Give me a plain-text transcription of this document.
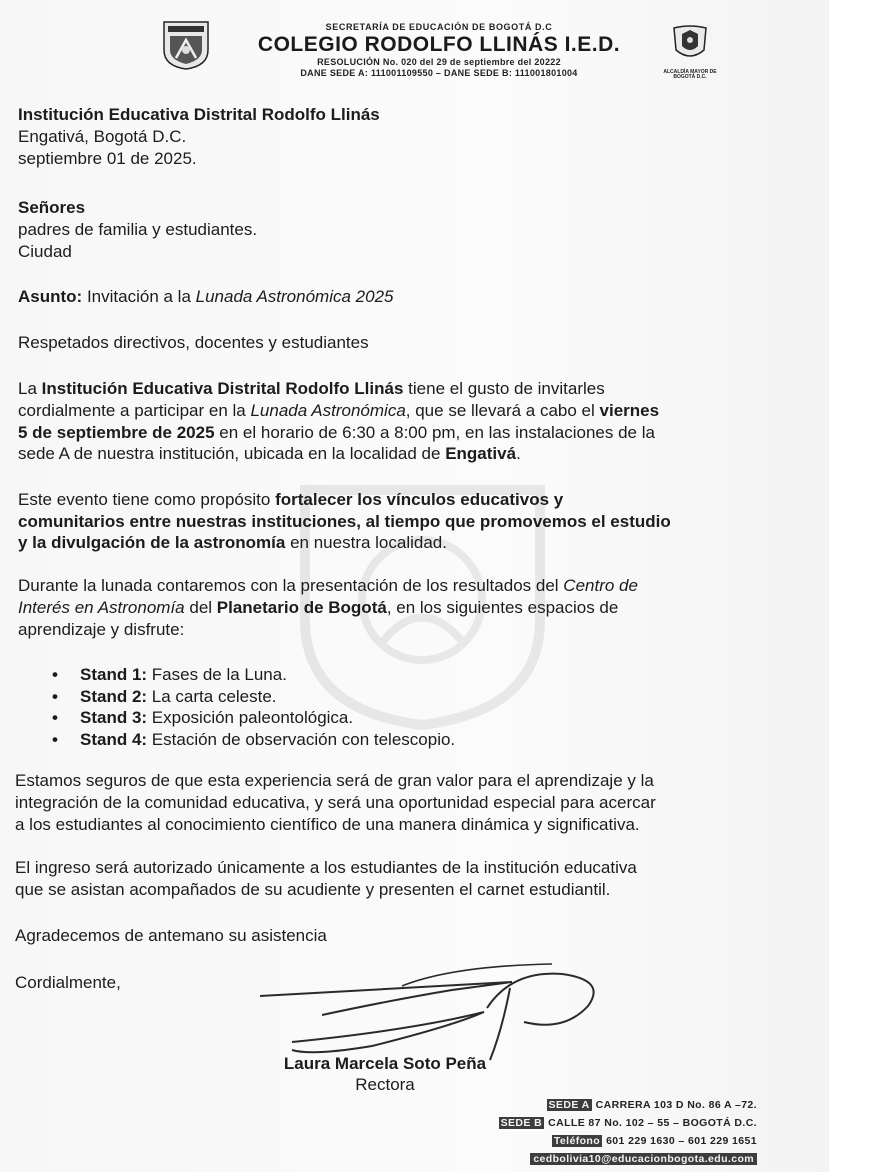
SECRETARÍA DE EDUCACIÓN DE BOGOTÁ D.C
COLEGIO RODOLFO LLINÁS I.E.D.
RESOLUCIÓN No. 020 del 29 de septiembre del 20222
DANE SEDE A: 111001109550 – DANE SEDE B: 111001801004	ALCALDÍA MAYOR DE BOGOTÁ D.C.
Institución Educativa Distrital Rodolfo Llinás
Engativá, Bogotá D.C.
septiembre 01 de 2025.
Señores
padres de familia y estudiantes.
Ciudad
Asunto: Invitación a la Lunada Astronómica 2025
Respetados directivos, docentes y estudiantes
La Institución Educativa Distrital Rodolfo Llinás tiene el gusto de invitarles
cordialmente a participar en la Lunada Astronómica, que se llevará a cabo el viernes
5 de septiembre de 2025 en el horario de 6:30 a 8:00 pm, en las instalaciones de la
sede A de nuestra institución, ubicada en la localidad de Engativá.
Este evento tiene como propósito fortalecer los vínculos educativos y
comunitarios entre nuestras instituciones, al tiempo que promovemos el estudio
y la divulgación de la astronomía en nuestra localidad.
Durante la lunada contaremos con la presentación de los resultados del Centro de
Interés en Astronomía del Planetario de Bogotá, en los siguientes espacios de
aprendizaje y disfrute:
• Stand 1: Fases de la Luna.
• Stand 2: La carta celeste.
• Stand 3: Exposición paleontológica.
• Stand 4: Estación de observación con telescopio.
Estamos seguros de que esta experiencia será de gran valor para el aprendizaje y la
integración de la comunidad educativa, y será una oportunidad especial para acercar
a los estudiantes al conocimiento científico de una manera dinámica y significativa.
El ingreso será autorizado únicamente a los estudiantes de la institución educativa
que se asistan acompañados de su acudiente y presenten el carnet estudiantil.
Agradecemos de antemano su asistencia
Cordialmente,
Laura Marcela Soto Peña
Rectora
SEDE A CARRERA 103 D No. 86 A –72.
SEDE B CALLE 87 No. 102 – 55 – BOGOTÁ D.C.
Teléfono 601 229 1630 – 601 229 1651
cedbolivia10@educacionbogota.edu.com
